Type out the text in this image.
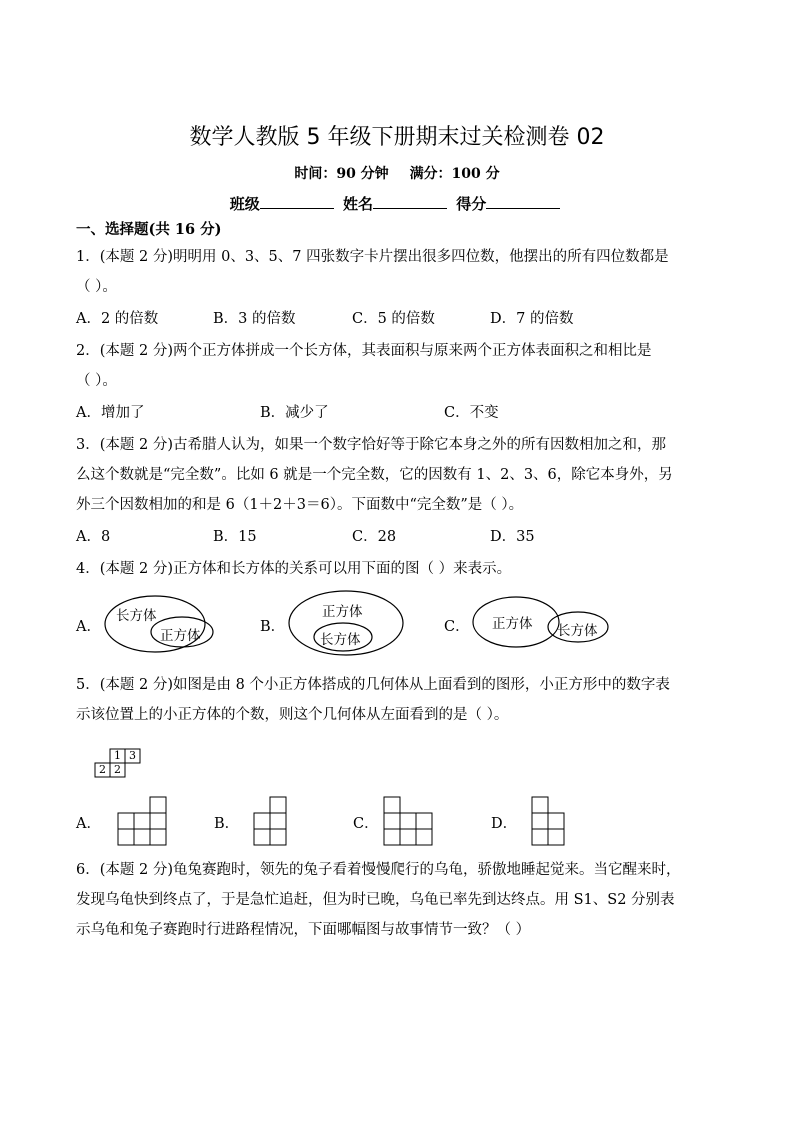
数学人教版 5 年级下册期末过关检测卷 02
时间：90 分钟 满分：100 分
班级	姓名	得分
一、选择题(共 16 分)
1．(本题 2 分)明明用 0、3、5、7 四张数字卡片摆出很多四位数，他摆出的所有四位数都是
（ ）。
A．2 的倍数	B．3 的倍数	C．5 的倍数	D．7 的倍数
2．(本题 2 分)两个正方体拼成一个长方体，其表面积与原来两个正方体表面积之和相比是
（ ）。
A．增加了	B．减少了	C．不变
3．(本题 2 分)古希腊人认为，如果一个数字恰好等于除它本身之外的所有因数相加之和，那
么这个数就是“完全数”。比如 6 就是一个完全数，它的因数有 1、2、3、6，除它本身外，另
外三个因数相加的和是 6（1＋2＋3＝6）。下面数中“完全数”是（ ）。
A．8	B．15	C．28	D．35
4．(本题 2 分)正方体和长方体的关系可以用下面的图（ ）来表示。
A．	B．	C．
长方体
正方体
正方体
长方体
正方体 长方体
5．(本题 2 分)如图是由 8 个小正方体搭成的几何体从上面看到的图形，小正方形中的数字表
示该位置上的小正方体的个数，则这个几何体从左面看到的是（ ）。
1 3
2 2
A．	B．	C．	D．
6．(本题 2 分)龟兔赛跑时，领先的兔子看着慢慢爬行的乌龟，骄傲地睡起觉来。当它醒来时，
发现乌龟快到终点了，于是急忙追赶，但为时已晚，乌龟已率先到达终点。用 S1、S2 分别表
示乌龟和兔子赛跑时行进路程情况，下面哪幅图与故事情节一致？（ ）
